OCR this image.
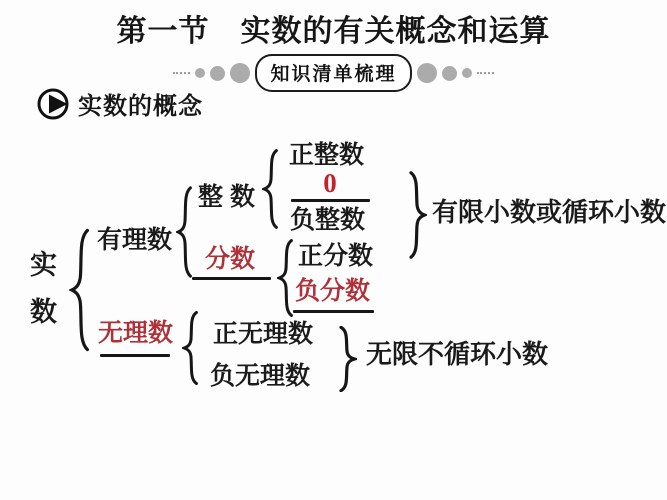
第一节　实数的有关概念和运算
知识清单梳理
实数的概念
实
数
有理数
整 数
正整数
0
负整数	有限小数或循环小数
分数 正分数
负分数
无理数 正无理数
负无理数
无限不循环小数
